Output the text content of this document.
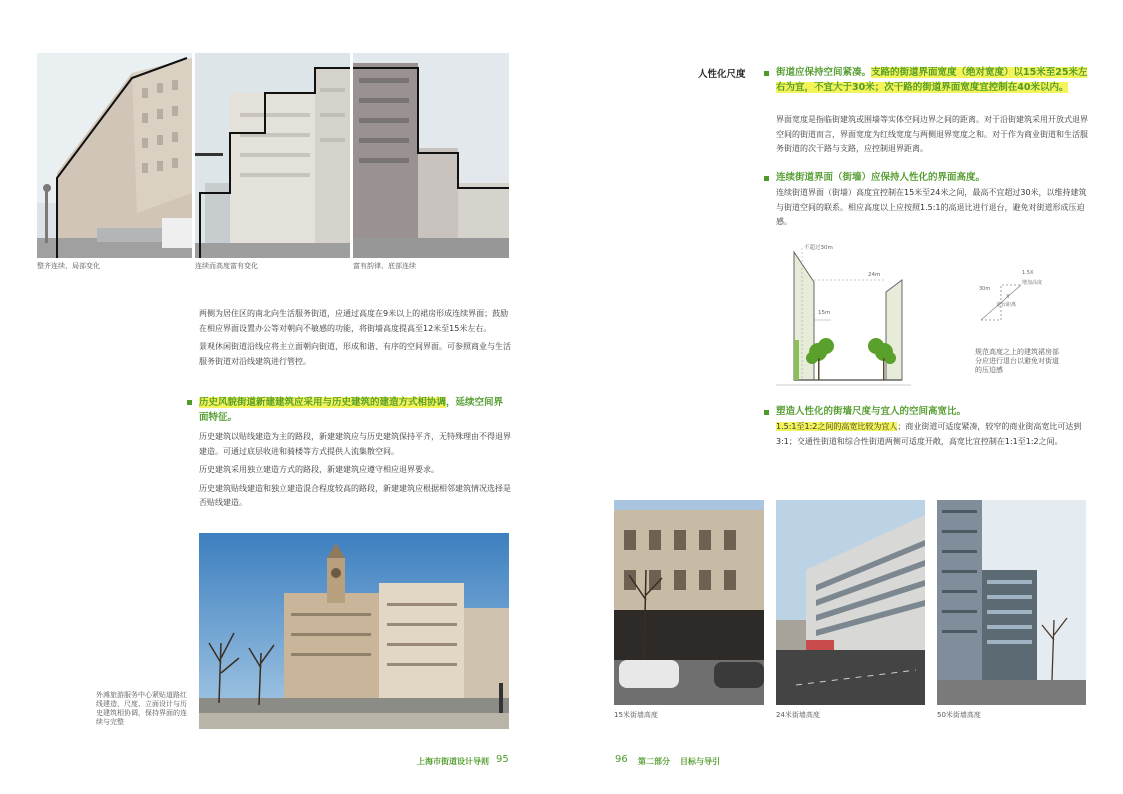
整齐连续、局部变化	连续而高度富有变化	富有韵律、底部连续

两侧为居住区的南北向生活服务街道，应通过高度在9米以上的裙房形成连续界面；鼓励在相应界面设置办公等对朝向不敏感的功能，将街墙高度提高至12米至15米左右。

景观休闲街道沿线应将主立面朝向街道，形成和谐、有序的空间界面。可参照商业与生活服务街道对沿线建筑进行管控。

历史风貌街道新建建筑应采用与历史建筑的建造方式相协调，延续空间界面特征。

历史建筑以贴线建造为主的路段，新建建筑应与历史建筑保持平齐，无特殊理由不得退界建造。可通过底层收进和骑楼等方式提供人流集散空间。

历史建筑采用独立建造方式的路段，新建建筑应遵守相应退界要求。

历史建筑贴线建造和独立建造混合程度较高的路段，新建建筑应根据相邻建筑情况选择是否贴线建造。

外滩旅游服务中心紧贴道路红线建造，尺度、立面设计与历史建筑相协调，保持界面的连续与完整
上海市街道设计导则 95
人性化尺度	街道应保持空间紧凑。支路的街道界面宽度（绝对宽度）以15米至25米左右为宜，不宜大于30米；次干路的街道界面宽度宜控制在40米以内。
界面宽度是指临街建筑或围墙等实体空间边界之间的距离。对于沿街建筑采用开放式退界空间的街道而言，界面宽度为红线宽度与两侧退界宽度之和。对于作为商业街道和生活服务街道的次干路与支路，应控制退界距离。
连续街道界面（街墙）应保持人性化的界面高度。
连续街道界面（街墙）高度宜控制在15米至24米之间，最高不宜超过30米，以维持建筑与街道空间的联系。相应高度以上应按照1.5:1的高退比进行退台，避免对街道形成压迫感。
不超过30m
24m
15m
1.5X
增加高度
30m
X
退台距离
规范高度之上的建筑裙房部分应进行退台以避免对街道的压迫感
塑造人性化的街墙尺度与宜人的空间高宽比。
1.5:1至1:2之间的高宽比较为宜人；商业街道可适度紧凑，较窄的商业街高宽比可达到3:1；交通性街道和综合性街道两侧可适度开敞，高宽比宜控制在1:1至1:2之间。
15米街墙高度	24米街墙高度	50米街墙高度
96 第二部分 目标与导引
